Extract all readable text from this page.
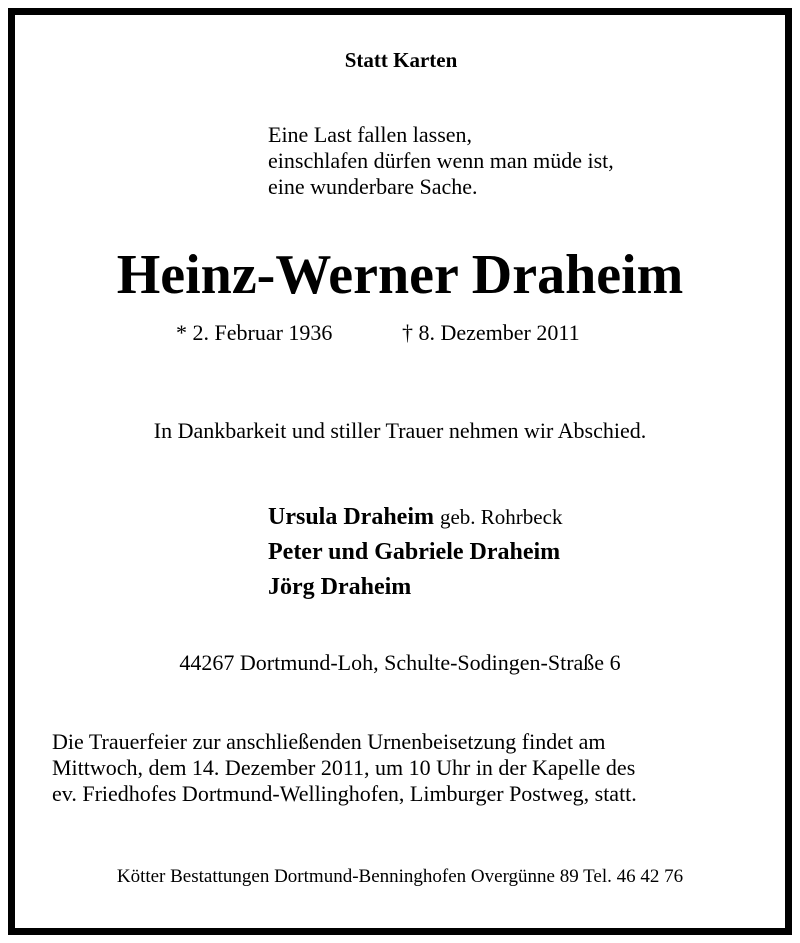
Statt Karten
Eine Last fallen lassen,
einschlafen dürfen wenn man müde ist,
eine wunderbare Sache.
Heinz-Werner Draheim
* 2. Februar 1936	† 8. Dezember 2011
In Dankbarkeit und stiller Trauer nehmen wir Abschied.
Ursula Draheim geb. Rohrbeck
Peter und Gabriele Draheim
Jörg Draheim
44267 Dortmund-Loh, Schulte-Sodingen-Straße 6
Die Trauerfeier zur anschließenden Urnenbeisetzung findet am
Mittwoch, dem 14. Dezember 2011, um 10 Uhr in der Kapelle des
ev. Friedhofes Dortmund-Wellinghofen, Limburger Postweg, statt.
Kötter Bestattungen Dortmund-Benninghofen Overgünne 89 Tel. 46 42 76
